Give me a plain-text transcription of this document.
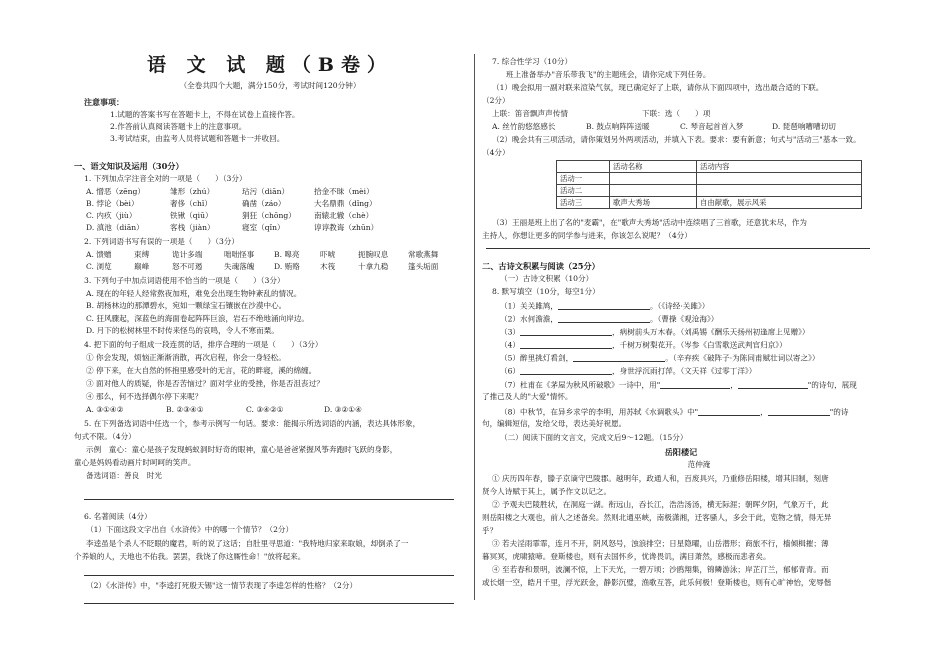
语 文 试 题（B卷）
（全卷共四个大题，满分150分，考试时间120分钟）
注意事项：
1.试题的答案书写在答题卡上，不得在试卷上直接作答。
2.作答前认真阅读答题卡上的注意事项。
3.考试结束，由监考人员将试题和答题卡一并收回。
一、语文知识及运用（30分）
1. 下列加点字注音全对的一项是（　　）（3分）
A. 憎恶（zēng）	雏形（zhú）	玷污（diān）	拾金不昧（mèi）
B. 悖论（bèi）	奢侈（chǐ）	确凿（záo）	大名鼎鼎（dǐng）
C. 内疚（jiù）	铁锹（qiū）	狷狂（chōng） 南辕北辙（chè）
D. 滇池（diān）	客栈（jiàn）	寝室（qǐn）	谆谆教诲（zhūn）
2. 下列词语书写有误的一项是（　　）（3分）
A. 馈赠	束缚	诡计多端	咄咄怪事	B. 嗥亮	吓唬	扼腕叹息	常歌燕舞
C. 浏览	巅峰	怒不可遏	失魂落魄	D. 贿赂	木筏	十拿九稳	篷头垢面
3. 下列句子中加点词语使用不恰当的一项是（　　）（3分）
A. 现在的年轻人经常熬夜加班，难免会出现生物钟紊乱的情况。
B. 胡杨林边的那潭碧水，宛如一颗绿宝石镶嵌在沙漠中心。
C. 狂风骤起，深蓝色的海面卷起阵阵巨浪，岩石不绝地涌向岸边。
D. 月下的松树林里不时传来怪鸟的哀鸣，令人不寒而栗。
4. 把下面的句子组成一段连贯的话，排序合理的一项是（　　）（3分）
① 你会发现，烦恼正渐渐消散，再次启程，你会一身轻松。
② 停下来，在大自然的怀抱里感受叶的无言，花的畔寝，溪的绵缠。
③ 面对他人的质疑，你是否苦恼过？面对学业的受挫，你是否沮丧过？
④ 那么，何不选择偶尔停下来呢？
A. ③①④②	B. ②③④①	C. ③④②①	D. ③②①④
5. 在下列备选词语中任选一个，参考示例写一句话。要求：能揭示所选词语的内涵，表达具体形象，
句式不限。（4分）
示例　童心：童心是孩子发现蚂蚁洞时好奇的眼神，童心是爸爸紧握风筝奔跑时飞跃的身影，
童心是妈妈看动画片时呵呵的笑声。
备选词语：善良　时光
6. 名著阅读（4分）
（1）下面这段文字出自《水浒传》中的哪一个情节？（2分）
李逵虽是个杀人不眨眼的魔君，听的说了这话；自肚里寻思道："我特地归家来取娘，却倒杀了一
个养娘的人，天地也不佑我。罢罢，我饶了你这厮性命！"放将起来。
（2）《水浒传》中，"李逵打死殷天锡"这一情节表现了李逵怎样的性格？（2分）
7. 综合性学习（10分）
班上准备举办"音乐带我飞"的主题班会，请你完成下列任务。
（1）晚会拟用一副对联来渲染气氛，现已确定好了上联，请你从下面四项中，选出最合适的下联。
（2分）
上联：笛音飘声声传情	下联：选（　　）项
A. 丝竹韵悠悠感长	B. 鼓点响阵阵送暖	C. 琴音起首首入梦	D. 琵琶响嘈嘈切切
（2）晚会共有三项活动，请你策划另外两项活动，并填入下表。要求：要有新意；句式与"活动三"基本一致。
（4分）
	活动名称	活动内容
活动一		
活动二		
活动三	歌声大秀场	自由献歌，展示风采
（3）王丽是班上出了名的"麦霸"，在"歌声大秀场"活动中连续唱了三首歌，还意犹未尽，作为
主持人，你想让更多的同学参与进来，你该怎么说呢？（4分）
二、古诗文积累与阅读（25分）
（一）古诗文积累（10分）
8. 默写填空（10分，每空1分）
（1）关关雎鸠，	。（《诗经·关雎》）
（2）水何澹澹，	。（曹操《观沧海》）
（3）	，病树前头万木春。（刘禹锡《酬乐天扬州初逢席上见赠》）
（4）	，千树万树梨花开。（岑参《白雪歌送武判官归京》）
（5）醉里挑灯看剑，	。（辛弃疾《破阵子·为陈同甫赋壮词以寄之》）
（6）	，身世浮沉雨打萍。（文天祥《过零丁洋》）
（7）杜甫在《茅屋为秋风所破歌》一诗中，用"	，	"的诗句，展现
了推己及人的"大爱"情怀。
（8）中秋节，在异乡求学的李明，用苏轼《水调歌头》中"	，	"的诗
句，编辑短信，发给父母，表达美好祝愿。
（二）阅读下面的文言文，完成文后9～12题。（15分）
岳阳楼记
范仲淹
① 庆历四年春，滕子京谪守巴陵郡。越明年，政通人和，百废具兴，乃重修岳阳楼，增其旧制，刻唐
贤今人诗赋于其上，属予作文以记之。
② 予观夫巴陵胜状，在洞庭一湖。衔远山，吞长江，浩浩汤汤，横无际涯；朝晖夕阴，气象万千，此
则岳阳楼之大观也，前人之述备矣。然则北通巫峡，南极潇湘，迁客骚人，多会于此，览物之情，得无异
乎？
③ 若夫淫雨霏霏，连月不开，阴风怒号，浊浪排空；日星隐曜，山岳潜形；商旅不行，樯倾楫摧；薄
暮冥冥，虎啸猿啼。登斯楼也，则有去国怀乡，忧谗畏讥，满目萧然，感极而悲者矣。
④ 至若春和景明，波澜不惊，上下天光，一碧万顷；沙鸥翔集，锦鳞游泳；岸芷汀兰，郁郁青青。而
或长烟一空，皓月千里，浮光跃金，静影沉璧，渔歌互答，此乐何极！登斯楼也，则有心旷神怡，宠辱偕
